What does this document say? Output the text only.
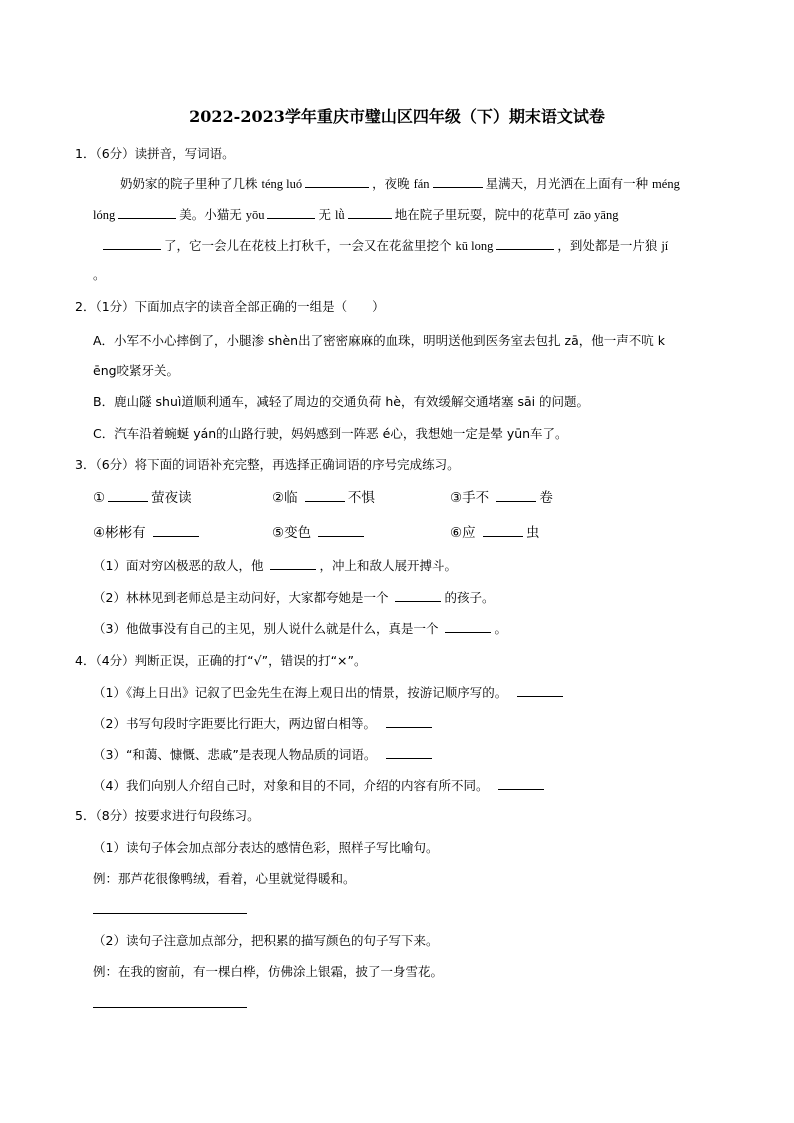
2022-2023学年重庆市璧山区四年级（下）期末语文试卷
1．（6分）读拼音，写词语。
奶奶家的院子里种了几株 téng luó	，夜晚 fán	星满天，月光洒在上面有一种 méng
lóng	美。小猫无 yōu	无 lǜ	地在院子里玩耍，院中的花草可 zāo yāng
了，它一会儿在花枝上打秋千，一会又在花盆里挖个 kū long	，到处都是一片狼 jí
。
2．（1分）下面加点字的读音全部正确的一组是（　　）
A．小军不小心摔倒了，小腿渗 shèn出了密密麻麻的血珠，明明送他到医务室去包扎 zā，他一声不吭 k
ēng咬紧牙关。
B．鹿山隧 shuì道顺利通车，减轻了周边的交通负荷 hè，有效缓解交通堵塞 sāi 的问题。
C．汽车沿着蜿蜒 yán的山路行驶，妈妈感到一阵恶 é心，我想她一定是晕 yūn车了。
3．（6分）将下面的词语补充完整，再选择正确词语的序号完成练习。
①	萤夜读	②临	不惧	③手不	卷
④彬彬有	⑤变色	⑥应	虫
（1）面对穷凶极恶的敌人，他	，冲上和敌人展开搏斗。
（2）林林见到老师总是主动问好，大家都夸她是一个	的孩子。
（3）他做事没有自己的主见，别人说什么就是什么，真是一个	。
4．（4分）判断正误，正确的打“√”，错误的打“×”。
（1）《海上日出》记叙了巴金先生在海上观日出的情景，按游记顺序写的。
（2）书写句段时字距要比行距大，两边留白相等。
（3）“和蔼、慷慨、悲戚”是表现人物品质的词语。
（4）我们向别人介绍自己时，对象和目的不同，介绍的内容有所不同。
5．（8分）按要求进行句段练习。
（1）读句子体会加点部分表达的感情色彩，照样子写比喻句。
例：那芦花很像鸭绒，看着，心里就觉得暖和。
（2）读句子注意加点部分，把积累的描写颜色的句子写下来。
例：在我的窗前，有一棵白桦，仿佛涂上银霜，披了一身雪花。
